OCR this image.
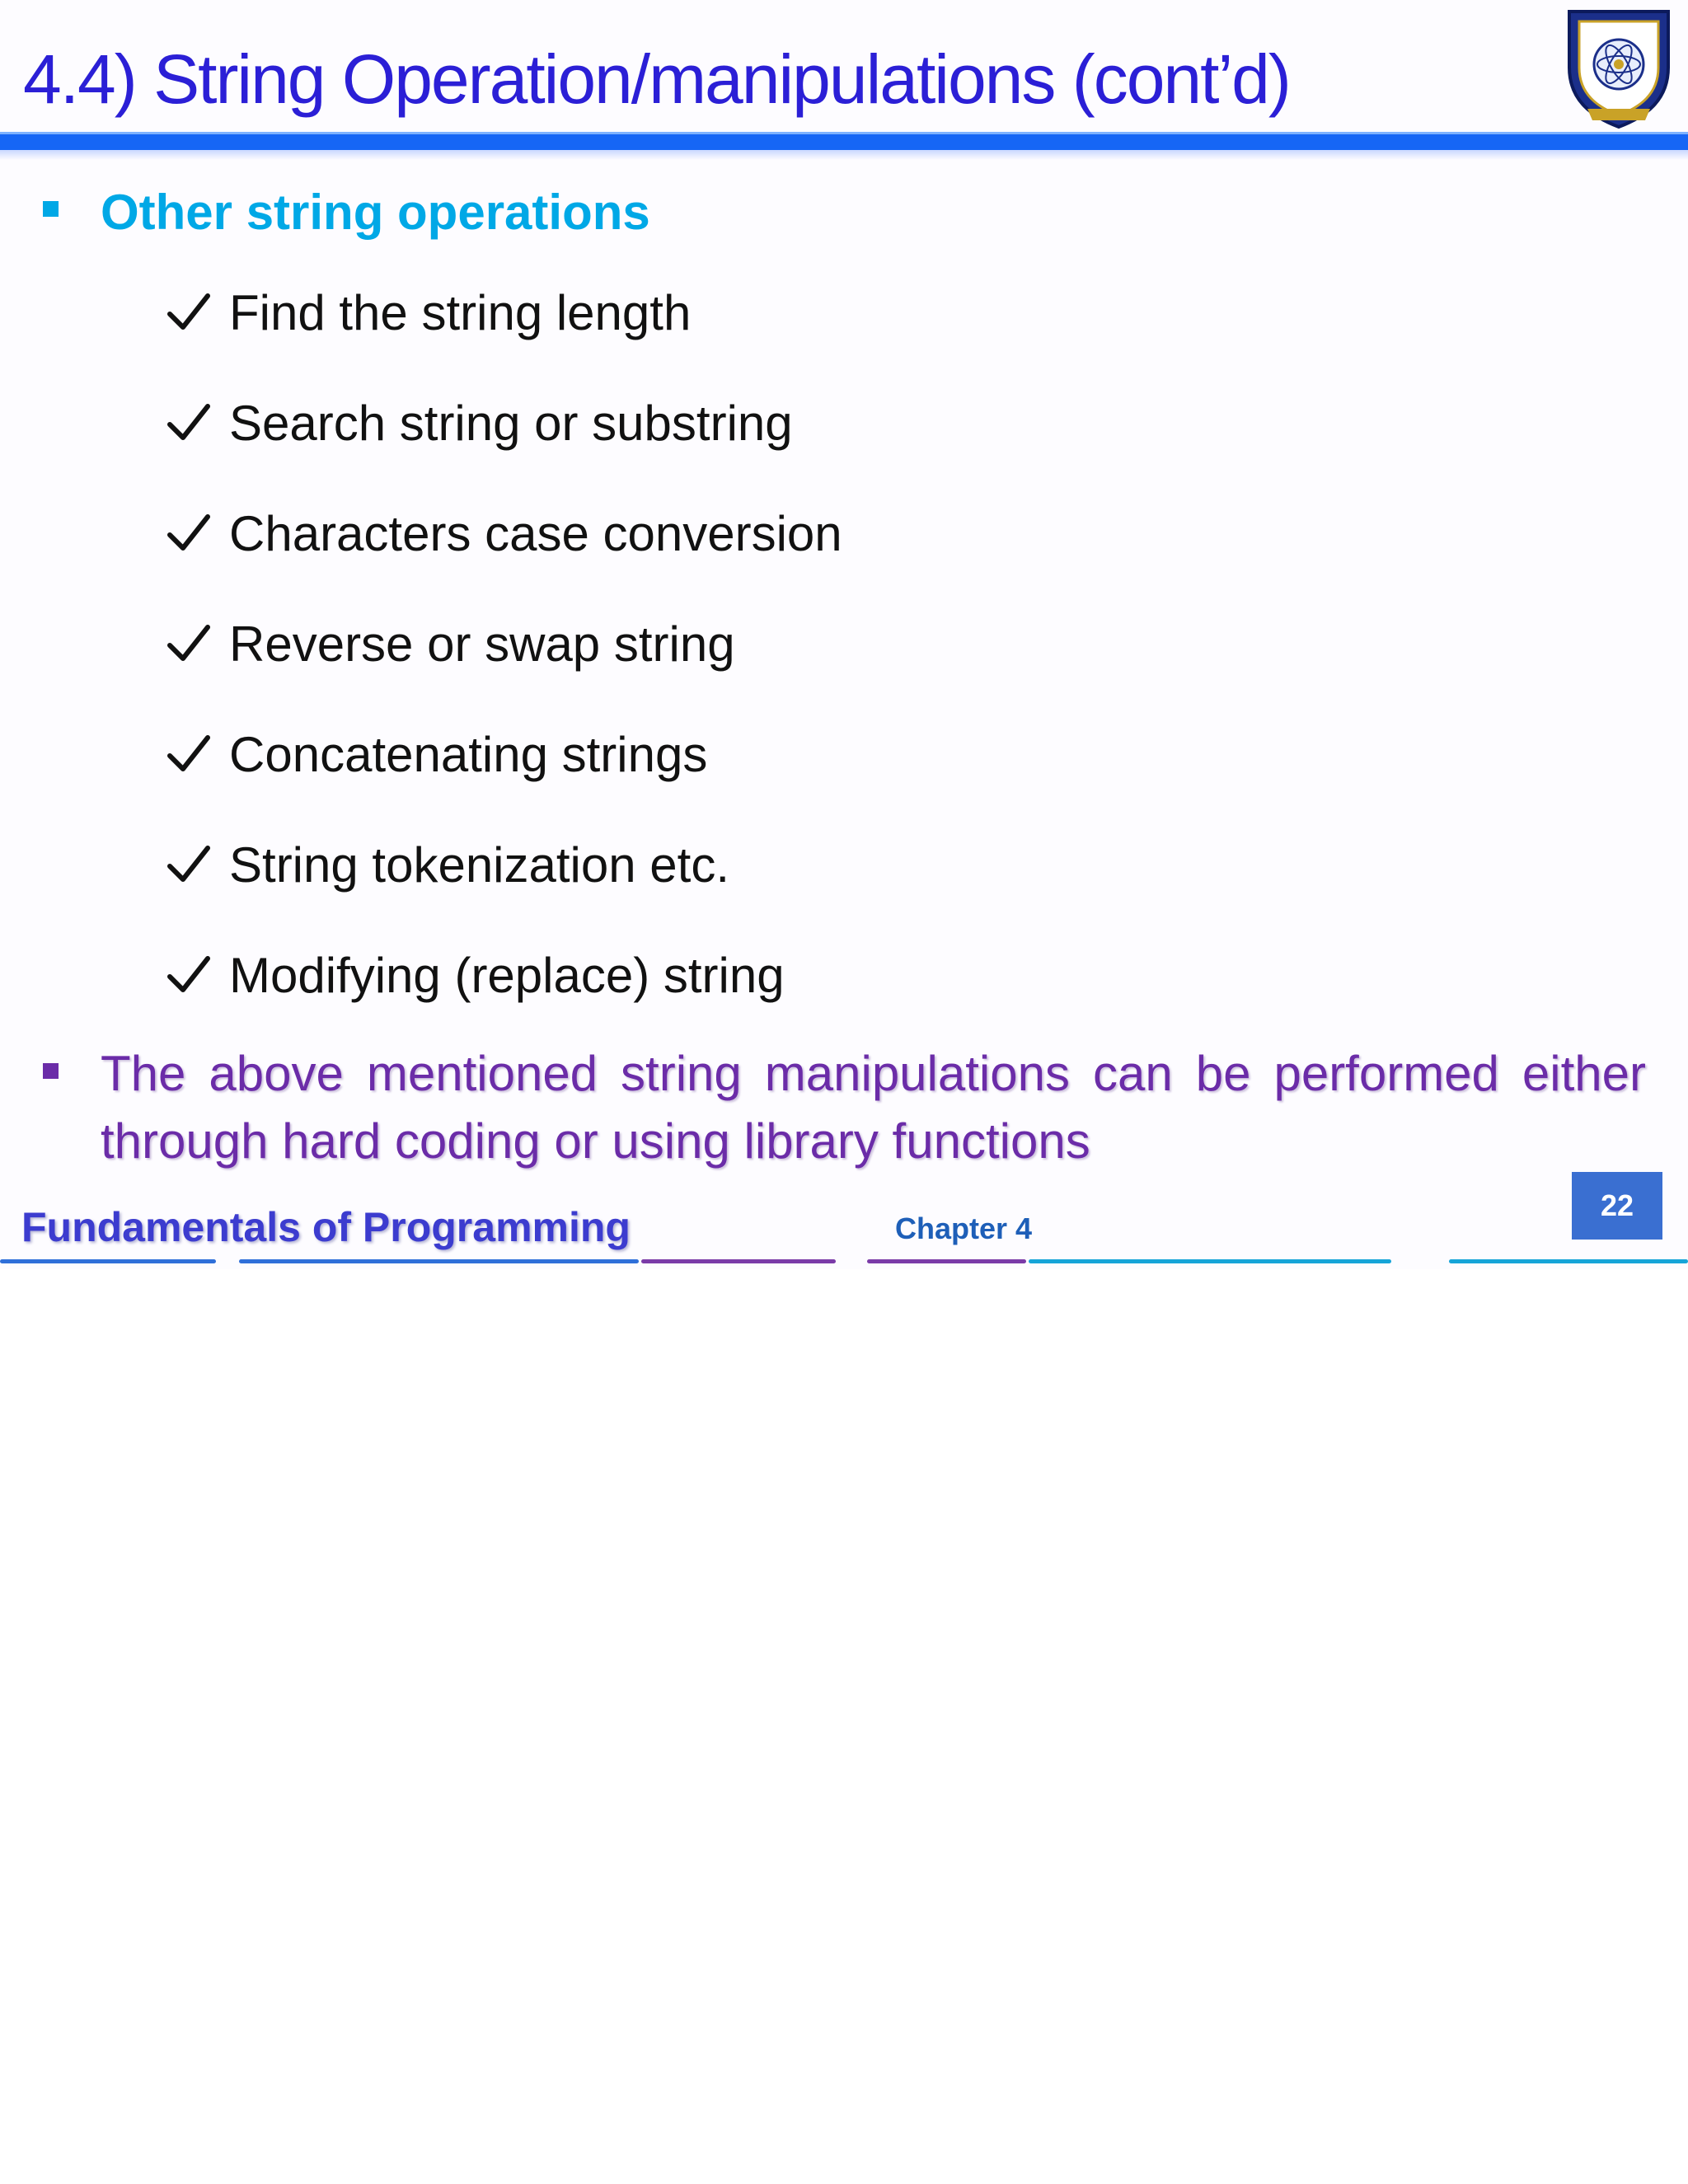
4.4) String Operation/manipulations (cont’d)
Other string operations
Find the string length
Search string or substring
Characters case conversion
Reverse or swap string
Concatenating strings
String tokenization etc.
Modifying (replace) string

The above mentioned string manipulations can be performed either through hard coding or using library functions

Fundamentals of Programming	Chapter 4

22
